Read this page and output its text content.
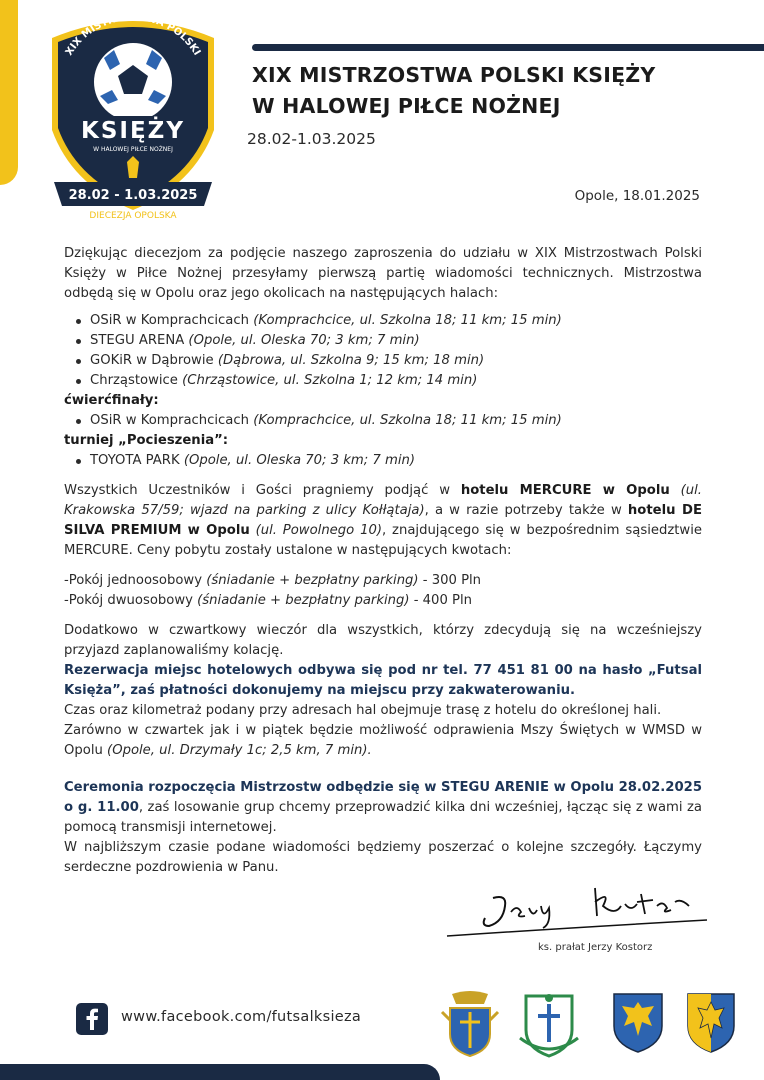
XIX MISTRZOSTWA POLSKI
KSIĘŻY
W HALOWEJ PIŁCE NOŻNEJ
28.02 - 1.03.2025
DIECEZJA OPOLSKA
XIX MISTRZOSTWA POLSKI KSIĘŻY
W HALOWEJ PIŁCE NOŻNEJ
28.02-1.03.2025
Opole, 18.01.2025

Dziękując diecezjom za podjęcie naszego zaproszenia do udziału w XIX Mistrzostwach Polski Księży w Piłce Nożnej przesyłamy pierwszą partię wiadomości technicznych. Mistrzostwa odbędą się w Opolu oraz jego okolicach na następujących halach:

OSiR w Komprachcicach (Komprachcice, ul. Szkolna 18; 11 km; 15 min)
STEGU ARENA (Opole, ul. Oleska 70; 3 km; 7 min)
GOKiR w Dąbrowie (Dąbrowa, ul. Szkolna 9; 15 km; 18 min)
Chrząstowice (Chrząstowice, ul. Szkolna 1; 12 km; 14 min)
ćwierćfinały:
OSiR w Komprachcicach (Komprachcice, ul. Szkolna 18; 11 km; 15 min)
turniej „Pocieszenia”:
TOYOTA PARK (Opole, ul. Oleska 70; 3 km; 7 min)

Wszystkich Uczestników i Gości pragniemy podjąć w hotelu MERCURE w Opolu (ul. Krakowska 57/59; wjazd na parking z ulicy Kołłątaja), a w razie potrzeby także w hotelu DE SILVA PREMIUM w Opolu (ul. Powolnego 10), znajdującego się w bezpośrednim sąsiedztwie MERCURE. Ceny pobytu zostały ustalone w następujących kwotach:

-Pokój jednoosobowy (śniadanie + bezpłatny parking) - 300 Pln
-Pokój dwuosobowy (śniadanie + bezpłatny parking) - 400 Pln

Dodatkowo w czwartkowy wieczór dla wszystkich, którzy zdecydują się na wcześniejszy przyjazd zaplanowaliśmy kolację.

Rezerwacja miejsc hotelowych odbywa się pod nr tel. 77 451 81 00 na hasło „Futsal Księża”, zaś płatności dokonujemy na miejscu przy zakwaterowaniu.

Czas oraz kilometraż podany przy adresach hal obejmuje trasę z hotelu do określonej hali.

Zarówno w czwartek jak i w piątek będzie możliwość odprawienia Mszy Świętych w WMSD w Opolu (Opole, ul. Drzymały 1c; 2,5 km, 7 min).

Ceremonia rozpoczęcia Mistrzostw odbędzie się w STEGU ARENIE w Opolu 28.02.2025 o g. 11.00, zaś losowanie grup chcemy przeprowadzić kilka dni wcześniej, łącząc się z wami za pomocą transmisji internetowej.

W najbliższym czasie podane wiadomości będziemy poszerzać o kolejne szczegóły. Łączymy serdeczne pozdrowienia w Panu.

ks. prałat Jerzy Kostorz
www.facebook.com/futsalksieza
